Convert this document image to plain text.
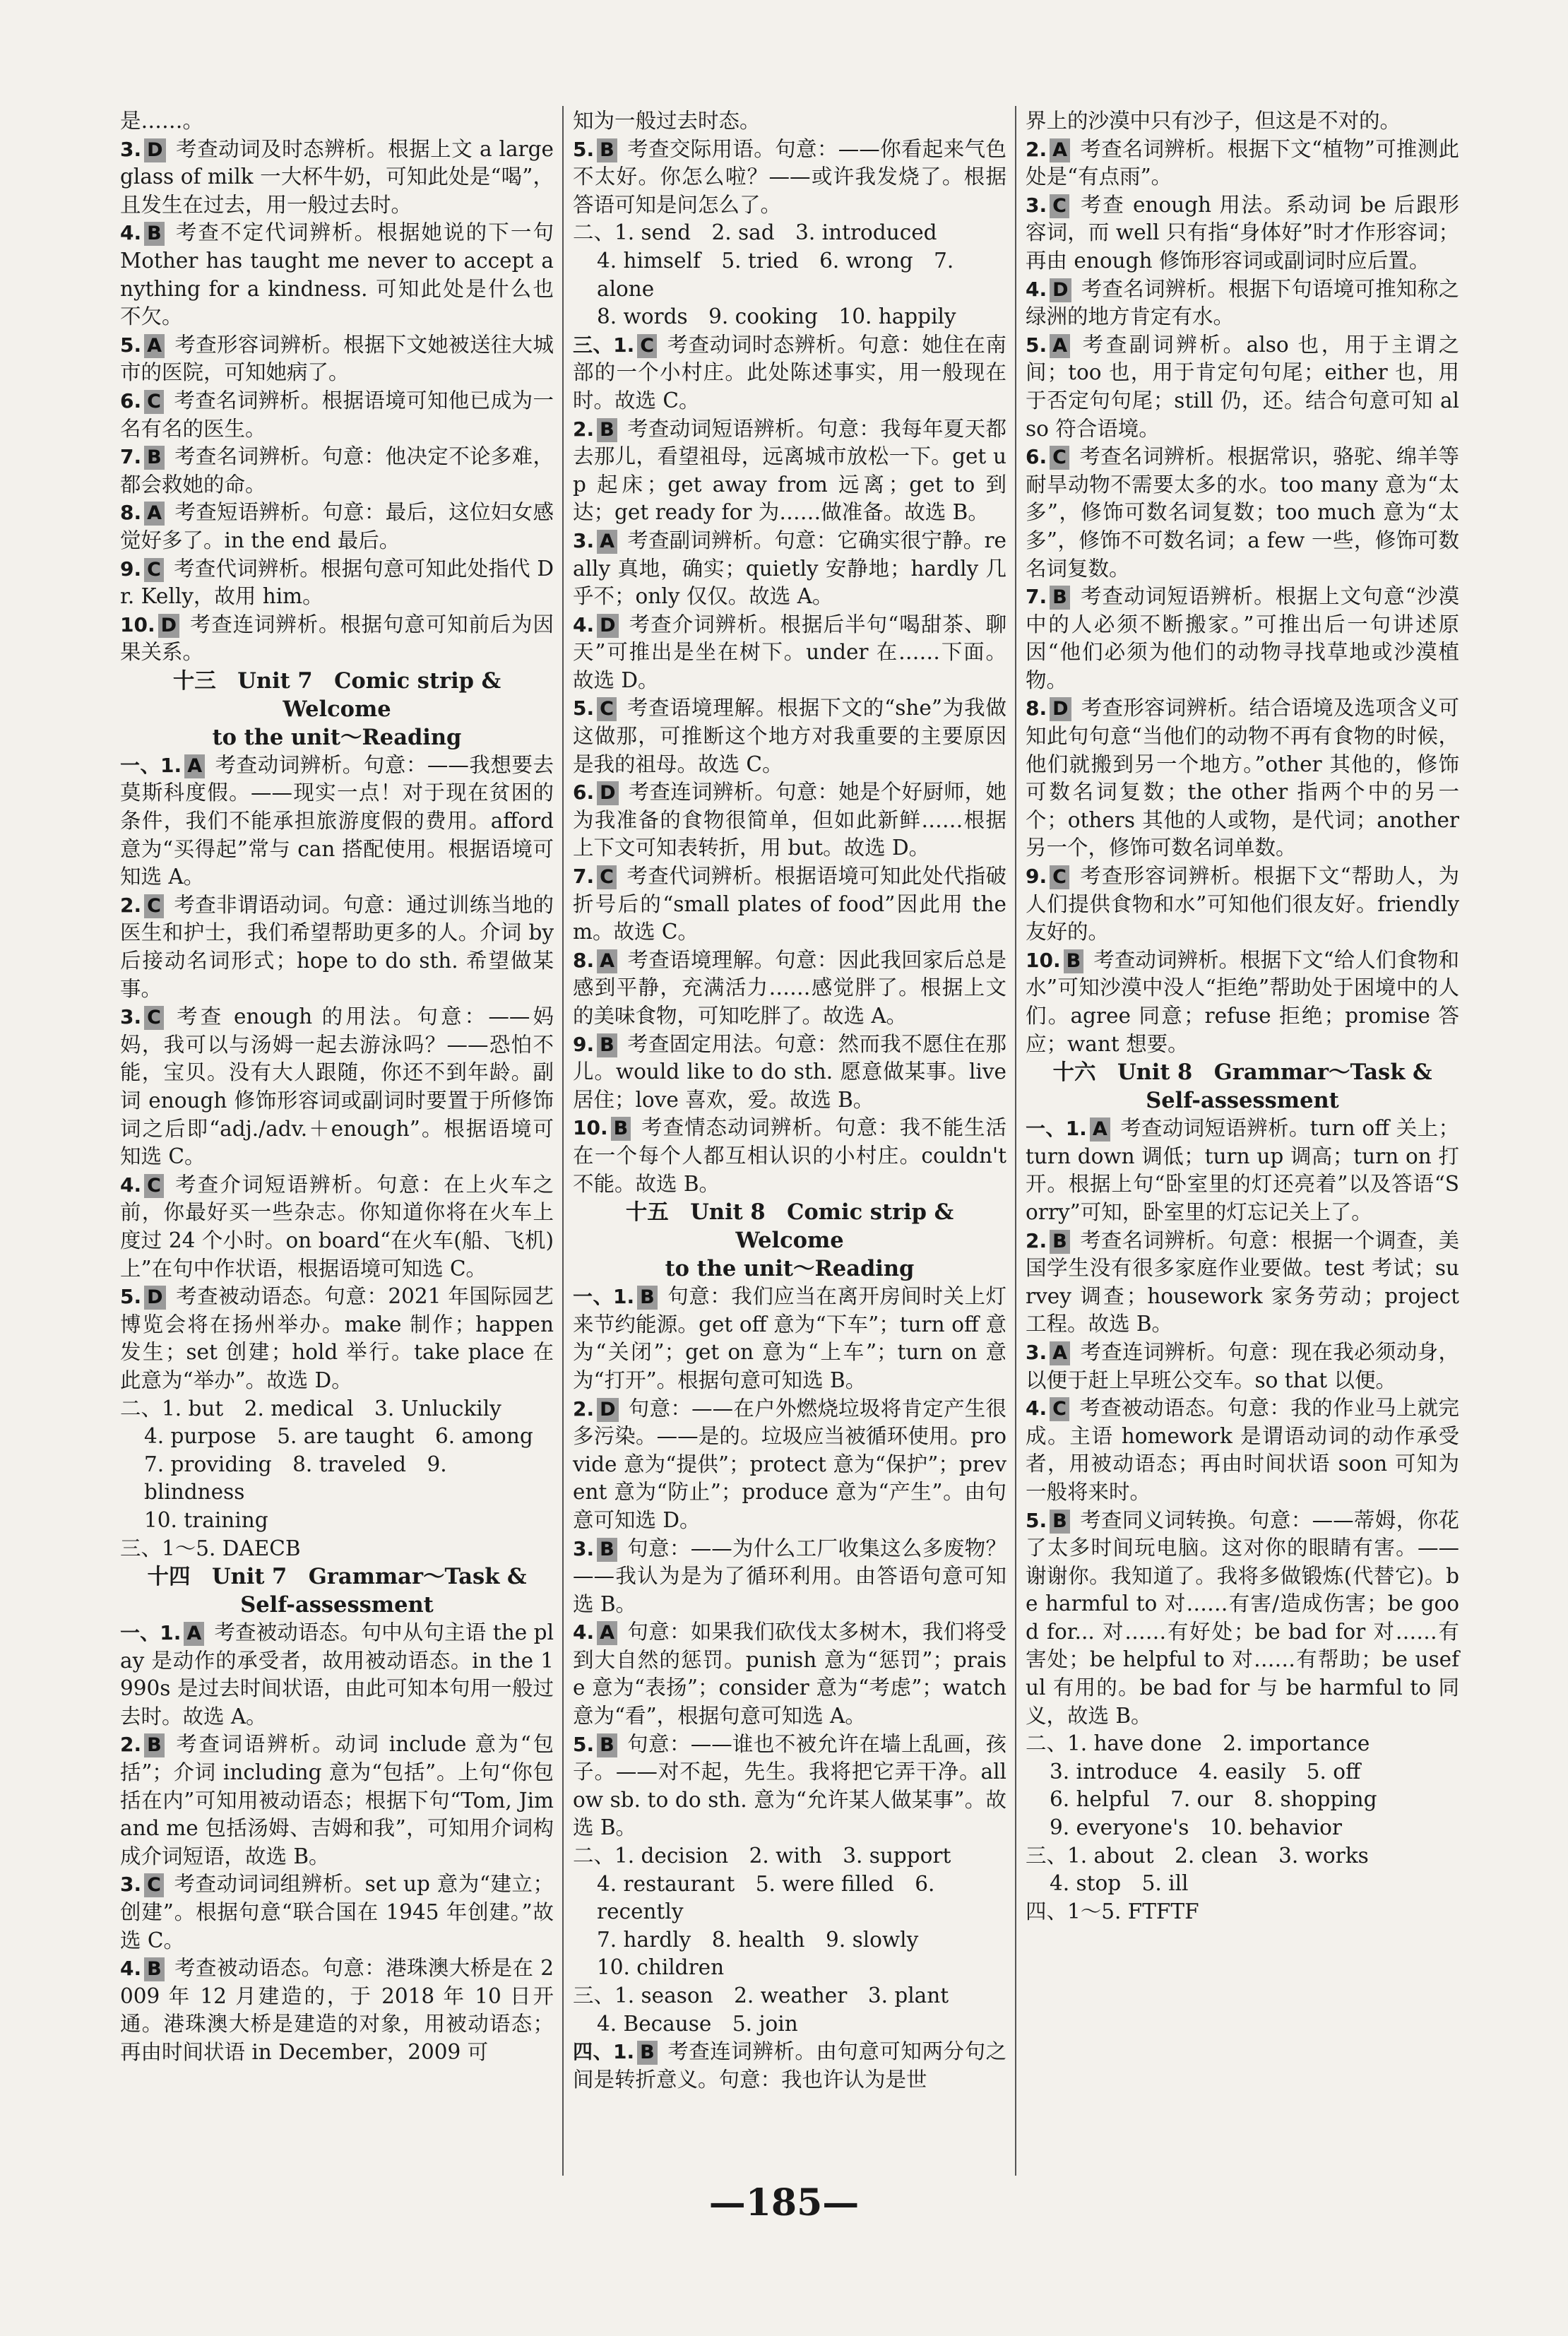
是……。

3. D 考查动词及时态辨析。根据上文 a large glass of milk 一大杯牛奶，可知此处是“喝”，且发生在过去，用一般过去时。

4. B 考查不定代词辨析。根据她说的下一句 Mother has taught me never to accept anything for a kindness. 可知此处是什么也不欠。

5. A 考查形容词辨析。根据下文她被送往大城市的医院，可知她病了。

6. C 考查名词辨析。根据语境可知他已成为一名有名的医生。

7. B 考查名词辨析。句意：他决定不论多难，都会救她的命。

8. A 考查短语辨析。句意：最后，这位妇女感觉好多了。in the end 最后。

9. C 考查代词辨析。根据句意可知此处指代 Dr. Kelly，故用 him。

10. D 考查连词辨析。根据句意可知前后为因果关系。

十三　Unit 7　Comic strip & Welcome
to the unit～Reading

一、1. A 考查动词辨析。句意：——我想要去莫斯科度假。——现实一点！对于现在贫困的条件，我们不能承担旅游度假的费用。afford 意为“买得起”常与 can 搭配使用。根据语境可知选 A。

2. C 考查非谓语动词。句意：通过训练当地的医生和护士，我们希望帮助更多的人。介词 by 后接动名词形式；hope to do sth. 希望做某事。

3. C 考查 enough 的用法。句意：——妈妈，我可以与汤姆一起去游泳吗？——恐怕不能，宝贝。没有大人跟随，你还不到年龄。副词 enough 修饰形容词或副词时要置于所修饰词之后即“adj./adv.＋enough”。根据语境可知选 C。

4. C 考查介词短语辨析。句意：在上火车之前，你最好买一些杂志。你知道你将在火车上度过 24 个小时。on board“在火车(船、飞机)上”在句中作状语，根据语境可知选 C。

5. D 考查被动语态。句意：2021 年国际园艺博览会将在扬州举办。make 制作；happen 发生；set 创建；hold 举行。take place 在此意为“举办”。故选 D。

二、1. but　2. medical　3. Unluckily

4. purpose　5. are taught　6. among

7. providing　8. traveled　9. blindness

10. training

三、1～5. DAECB

十四　Unit 7　Grammar～Task &
Self-assessment

一、1. A 考查被动语态。句中从句主语 the play 是动作的承受者，故用被动语态。in the 1990s 是过去时间状语，由此可知本句用一般过去时。故选 A。

2. B 考查词语辨析。动词 include 意为“包括”；介词 including 意为“包括”。上句“你包括在内”可知用被动语态；根据下句“Tom, Jim and me 包括汤姆、吉姆和我”，可知用介词构成介词短语，故选 B。

3. C 考查动词词组辨析。set up 意为“建立；创建”。根据句意“联合国在 1945 年创建。”故选 C。

4. B 考查被动语态。句意：港珠澳大桥是在 2009 年 12 月建造的，于 2018 年 10 日开通。港珠澳大桥是建造的对象，用被动语态；再由时间状语 in December，2009 可

知为一般过去时态。

5. B 考查交际用语。句意：——你看起来气色不太好。你怎么啦？——或许我发烧了。根据答语可知是问怎么了。

二、1. send　2. sad　3. introduced

4. himself　5. tried　6. wrong　7. alone

8. words　9. cooking　10. happily

三、1. C 考查动词时态辨析。句意：她住在南部的一个小村庄。此处陈述事实，用一般现在时。故选 C。

2. B 考查动词短语辨析。句意：我每年夏天都去那儿，看望祖母，远离城市放松一下。get up 起床；get away from 远离；get to 到达；get ready for 为……做准备。故选 B。

3. A 考查副词辨析。句意：它确实很宁静。really 真地，确实；quietly 安静地；hardly 几乎不；only 仅仅。故选 A。

4. D 考查介词辨析。根据后半句“喝甜茶、聊天”可推出是坐在树下。under 在……下面。故选 D。

5. C 考查语境理解。根据下文的“she”为我做这做那，可推断这个地方对我重要的主要原因是我的祖母。故选 C。

6. D 考查连词辨析。句意：她是个好厨师，她为我准备的食物很简单，但如此新鲜……根据上下文可知表转折，用 but。故选 D。

7. C 考查代词辨析。根据语境可知此处代指破折号后的“small plates of food”因此用 them。故选 C。

8. A 考查语境理解。句意：因此我回家后总是感到平静，充满活力……感觉胖了。根据上文的美味食物，可知吃胖了。故选 A。

9. B 考查固定用法。句意：然而我不愿住在那儿。would like to do sth. 愿意做某事。live 居住；love 喜欢，爱。故选 B。

10. B 考查情态动词辨析。句意：我不能生活在一个每个人都互相认识的小村庄。couldn't 不能。故选 B。

十五　Unit 8　Comic strip & Welcome
to the unit～Reading

一、1. B 句意：我们应当在离开房间时关上灯来节约能源。get off 意为“下车”；turn off 意为“关闭”；get on 意为“上车”；turn on 意为“打开”。根据句意可知选 B。

2. D 句意：——在户外燃烧垃圾将肯定产生很多污染。——是的。垃圾应当被循环使用。provide 意为“提供”；protect 意为“保护”；prevent 意为“防止”；produce 意为“产生”。由句意可知选 D。

3. B 句意：——为什么工厂收集这么多废物？——我认为是为了循环利用。由答语句意可知选 B。

4. A 句意：如果我们砍伐太多树木，我们将受到大自然的惩罚。punish 意为“惩罚”；praise 意为“表扬”；consider 意为“考虑”；watch 意为“看”，根据句意可知选 A。

5. B 句意：——谁也不被允许在墙上乱画，孩子。——对不起，先生。我将把它弄干净。allow sb. to do sth. 意为“允许某人做某事”。故选 B。

二、1. decision　2. with　3. support

4. restaurant　5. were filled　6. recently

7. hardly　8. health　9. slowly

10. children

三、1. season　2. weather　3. plant

4. Because　5. join

四、1. B 考查连词辨析。由句意可知两分句之间是转折意义。句意：我也许认为是世

界上的沙漠中只有沙子，但这是不对的。

2. A 考查名词辨析。根据下文“植物”可推测此处是“有点雨”。

3. C 考查 enough 用法。系动词 be 后跟形容词，而 well 只有指“身体好”时才作形容词；再由 enough 修饰形容词或副词时应后置。

4. D 考查名词辨析。根据下句语境可推知称之绿洲的地方肯定有水。

5. A 考查副词辨析。also 也，用于主谓之间；too 也，用于肯定句句尾；either 也，用于否定句句尾；still 仍，还。结合句意可知 also 符合语境。

6. C 考查名词辨析。根据常识，骆驼、绵羊等耐旱动物不需要太多的水。too many 意为“太多”，修饰可数名词复数；too much 意为“太多”，修饰不可数名词；a few 一些，修饰可数名词复数。

7. B 考查动词短语辨析。根据上文句意“沙漠中的人必须不断搬家。”可推出后一句讲述原因“他们必须为他们的动物寻找草地或沙漠植物。

8. D 考查形容词辨析。结合语境及选项含义可知此句句意“当他们的动物不再有食物的时候，他们就搬到另一个地方。”other 其他的，修饰可数名词复数；the other 指两个中的另一个；others 其他的人或物，是代词；another 另一个，修饰可数名词单数。

9. C 考查形容词辨析。根据下文“帮助人，为人们提供食物和水”可知他们很友好。friendly 友好的。

10. B 考查动词辨析。根据下文“给人们食物和水”可知沙漠中没人“拒绝”帮助处于困境中的人们。agree 同意；refuse 拒绝；promise 答应；want 想要。

十六　Unit 8　Grammar～Task &
Self-assessment

一、1. A 考查动词短语辨析。turn off 关上；turn down 调低；turn up 调高；turn on 打开。根据上句“卧室里的灯还亮着”以及答语“Sorry”可知，卧室里的灯忘记关上了。

2. B 考查名词辨析。句意：根据一个调查，美国学生没有很多家庭作业要做。test 考试；survey 调查；housework 家务劳动；project 工程。故选 B。

3. A 考查连词辨析。句意：现在我必须动身，以便于赶上早班公交车。so that 以便。

4. C 考查被动语态。句意：我的作业马上就完成。主语 homework 是谓语动词的动作承受者，用被动语态；再由时间状语 soon 可知为一般将来时。

5. B 考查同义词转换。句意：——蒂姆，你花了太多时间玩电脑。这对你的眼睛有害。——谢谢你。我知道了。我将多做锻炼(代替它)。be harmful to 对……有害/造成伤害；be good for... 对……有好处；be bad for 对……有害处；be helpful to 对……有帮助；be useful 有用的。be bad for 与 be harmful to 同义，故选 B。

二、1. have done　2. importance

3. introduce　4. easily　5. off

6. helpful　7. our　8. shopping

9. everyone's　10. behavior

三、1. about　2. clean　3. works

4. stop　5. ill

四、1～5. FTFTF

—185—
